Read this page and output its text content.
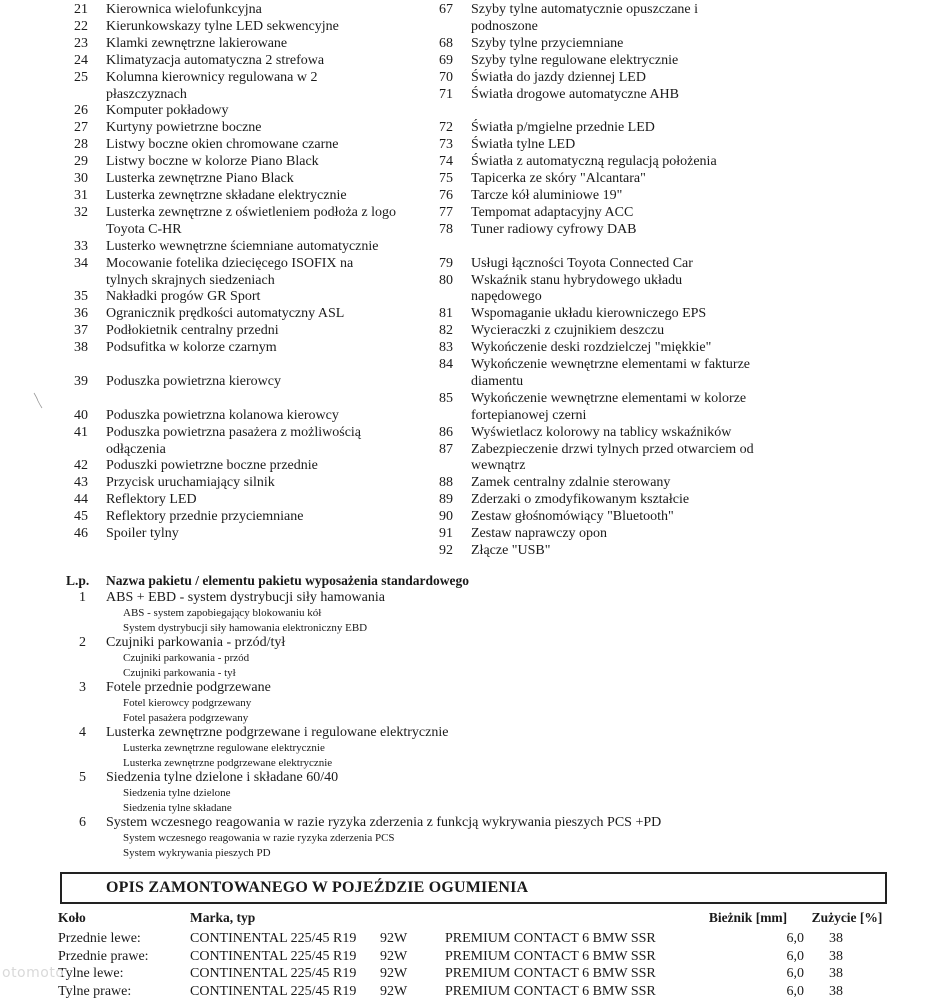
21 Kierownica wielofunkcyjna
22 Kierunkowskazy tylne LED sekwencyjne
23 Klamki zewnętrzne lakierowane
24 Klimatyzacja automatyczna 2 strefowa
25 Kolumna kierownicy regulowana w 2
płaszczyznach
26 Komputer pokładowy
27 Kurtyny powietrzne boczne
28 Listwy boczne okien chromowane czarne
29 Listwy boczne w kolorze Piano Black
30 Lusterka zewnętrzne Piano Black
31 Lusterka zewnętrzne składane elektrycznie
32 Lusterka zewnętrzne z oświetleniem podłoża z logo
Toyota C-HR
33 Lusterko wewnętrzne ściemniane automatycznie
34 Mocowanie fotelika dziecięcego ISOFIX na
tylnych skrajnych siedzeniach
35 Nakładki progów GR Sport
36 Ogranicznik prędkości automatyczny ASL
37 Podłokietnik centralny przedni
38 Podsufitka w kolorze czarnym

39 Poduszka powietrzna kierowcy

40 Poduszka powietrzna kolanowa kierowcy
41 Poduszka powietrzna pasażera z możliwością
odłączenia
42 Poduszki powietrzne boczne przednie
43 Przycisk uruchamiający silnik
44 Reflektory LED
45 Reflektory przednie przyciemniane
46 Spoiler tylny
67 Szyby tylne automatycznie opuszczane i
podnoszone
68 Szyby tylne przyciemniane
69 Szyby tylne regulowane elektrycznie
70 Światła do jazdy dziennej LED
71 Światła drogowe automatyczne AHB

72 Światła p/mgielne przednie LED
73 Światła tylne LED
74 Światła z automatyczną regulacją położenia
75 Tapicerka ze skóry "Alcantara"
76 Tarcze kół aluminiowe 19"
77 Tempomat adaptacyjny ACC
78 Tuner radiowy cyfrowy DAB

79 Usługi łączności Toyota Connected Car
80 Wskaźnik stanu hybrydowego układu
napędowego
81 Wspomaganie układu kierowniczego EPS
82 Wycieraczki z czujnikiem deszczu
83 Wykończenie deski rozdzielczej "miękkie"
84 Wykończenie wewnętrzne elementami w fakturze
diamentu
85 Wykończenie wewnętrzne elementami w kolorze
fortepianowej czerni
86 Wyświetlacz kolorowy na tablicy wskaźników
87 Zabezpieczenie drzwi tylnych przed otwarciem od
wewnątrz
88 Zamek centralny zdalnie sterowany
89 Zderzaki o zmodyfikowanym kształcie
90 Zestaw głośnomówiący "Bluetooth"
91 Zestaw naprawczy opon
92 Złącze "USB"
L.p.	Nazwa pakietu / elementu pakietu wyposażenia standardowego
1 ABS + EBD - system dystrybucji siły hamowania
ABS - system zapobiegający blokowaniu kół
System dystrybucji siły hamowania elektroniczny EBD
2 Czujniki parkowania - przód/tył
Czujniki parkowania - przód
Czujniki parkowania - tył
3 Fotele przednie podgrzewane
Fotel kierowcy podgrzewany
Fotel pasażera podgrzewany
4 Lusterka zewnętrzne podgrzewane i regulowane elektrycznie
Lusterka zewnętrzne regulowane elektrycznie
Lusterka zewnętrzne podgrzewane elektrycznie
5 Siedzenia tylne dzielone i składane 60/40
Siedzenia tylne dzielone
Siedzenia tylne składane
6 System wczesnego reagowania w razie ryzyka zderzenia z funkcją wykrywania pieszych PCS +PD
System wczesnego reagowania w razie ryzyka zderzenia PCS
System wykrywania pieszych PD
OPIS ZAMONTOWANEGO W POJEŹDZIE OGUMIENIA
Koło	Marka, typ	Bieżnik [mm]	Zużycie [%]
Przednie lewe:	CONTINENTAL 225/45 R19 92W	PREMIUM CONTACT 6 BMW SSR	6,0	38
Przednie prawe:	CONTINENTAL 225/45 R19 92W	PREMIUM CONTACT 6 BMW SSR	6,0	38
Tylne lewe:	CONTINENTAL 225/45 R19 92W	PREMIUM CONTACT 6 BMW SSR	6,0	38
Tylne prawe:	CONTINENTAL 225/45 R19 92W	PREMIUM CONTACT 6 BMW SSR	6,0	38
otomoto
